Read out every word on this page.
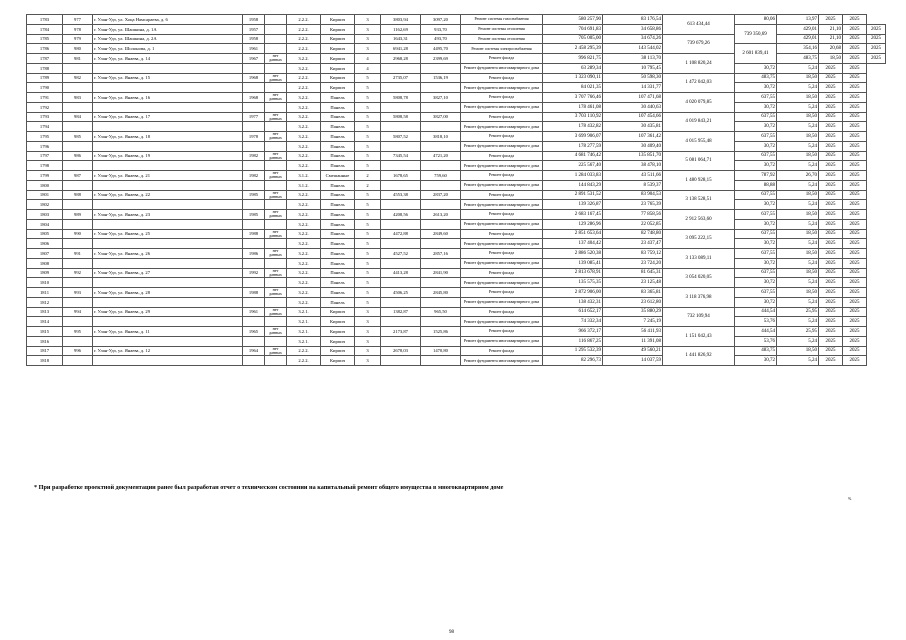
1783	977	г. Улан-Удэ, ул. Хоца Намсараева, д. 6	1958		2.2.2.	Кирпич	3	3803,94	3097,20	Ремонт системы газоснабжения	580 257,90	83 176,54	613 434,44	80,06	13,97	2025	2025	
1784	978	г. Улан-Удэ, ул. Шашкина, д. 1А	1957		2.2.2.	Кирпич	3	1162,69	933,70	Ремонт системы отопления	704 691,83	34 658,86		739 350,69	429,01	21,10	2025	2025
1785	979	г. Улан-Удэ, ул. Шашкина, д. 2А	1958		2.2.2.	Кирпич	3	1643,31	493,70	Ремонт системы отопления	705 005,00	34 674,26	739 679,26		429,01	21,10	2025	2025
1786	980	г. Улан-Удэ, ул. Шолонова, д. 1	1961		2.2.2.	Кирпич	3	6941,28	4495,70	Ремонт системы электроснабжения	2 458 295,39	143 544,02		2 601 839,41	354,16	20,68	2025	2025
1787	981	г. Улан-Удэ, ул. Янаева, д. 14	1967	нет данных	3.2.2.	Кирпич	4	2968,28	2399,69	Ремонт фасада	996 821,75	38 113,70	1 108 820,24		483,75	18,50	2025	2025
1788					3.2.2.	Кирпич	4			Ремонт фундамента многоквартирного дома	63 289,34	10 795,45		30,72	5,24	2025	2025	
1789	982	г. Улан-Удэ, ул. Янаева, д. 15	1968	нет данных	2.2.2.	Кирпич	5	2735,07	1536,19	Ремонт фасада	1 323 090,11	50 598,30	1 472 042,03	483,75	18,50	2025	2025	
1790					2.2.2.	Кирпич	5			Ремонт фундамента многоквартирного дома	84 021,35	14 331,77		30,72	5,24	2025	2025	
1791	983	г. Улан-Удэ, ул. Янаева, д. 16	1968	нет данных	3.2.2.	Панель	5	5808,78	3827,10	Ремонт фасада	3 707 766,46	107 471,68	4 020 079,85	637,55	18,50	2025	2025	
1792					3.2.2.	Панель	5			Ремонт фундамента многоквартирного дома	178 461,08	30 440,63		30,72	5,24	2025	2025	
1793	984	г. Улан-Удэ, ул. Янаева, д. 17	1977	нет данных	3.2.2.	Панель	5	5808,58	3827,00	Ремонт фасада	3 703 110,92	107 454,66	4 019 843,21	637,55	18,50	2025	2025	
1794					3.2.2.	Панель	5			Ремонт фундамента многоквартирного дома	178 432,82	30 435,81		30,72	5,24	2025	2025	
1795	985	г. Улан-Удэ, ул. Янаева, д. 18	1978	нет данных	3.2.2.	Панель	5	5807,52	3818,10	Ремонт фасада	3 699 906,07	107 361,42	4 015 955,48	637,55	18,50	2025	2025	
1796					3.2.2.	Панель	5			Ремонт фундамента многоквартирного дома	178 277,59	30 409,40		30,72	5,24	2025	2025	
1797	986	г. Улан-Удэ, ул. Янаева, д. 19	1982	нет данных	3.2.2.	Панель	5	7345,54	4721,20	Ремонт фасада	4 681 746,42	135 851,70	5 081 064,71	637,55	18,50	2025	2025	
1798					3.2.2.	Панель	5			Ремонт фундамента многоквартирного дома	225 567,40	38 478,10		30,72	5,24	2025	2025	
1799	987	г. Улан-Удэ, ул. Янаева, д. 21	1982	нет данных	3.1.2.	Смешанные	2	1678,65	759,60	Ремонт фасада	1 284 033,83	43 511,66	1 480 928,15	787,92	26,70	2025	2025	
1800					3.1.2.	Панель	2			Ремонт фундамента многоквартирного дома	144 843,29	8 539,37		88,88	5,24	2025	2025	
1801	988	г. Улан-Удэ, ул. Янаева, д. 22	1985	нет данных	3.2.2.	Панель	5	4553,38	2837,20	Ремонт фасада	2 891 531,52	83 904,53	3 138 528,51	637,55	18,50	2025	2025	
1802					3.2.2.	Панель	5			Ремонт фундамента многоквартирного дома	139 326,87	23 765,39		30,72	5,24	2025	2025	
1803	989	г. Улан-Удэ, ул. Янаева, д. 23	1985	нет данных	3.2.2.	Панель	5	4208,56	2613,20	Ремонт фасада	2 683 167,45	77 858,56	2 912 563,60	637,55	18,50	2025	2025	
1804					3.2.2.	Панель	5			Ремонт фундамента многоквартирного дома	129 286,96	22 052,85		30,72	5,24	2025	2025	
1805	990	г. Улан-Удэ, ул. Янаева, д. 25	1988	нет данных	3.2.2.	Панель	5	4472,88	2849,60	Ремонт фасада	2 851 653,64	82 748,80	3 095 222,15	637,55	18,50	2025	2025	
1806					3.2.2.	Панель	5			Ремонт фундамента многоквартирного дома	137 404,42	23 437,47		30,72	5,24	2025	2025	
1807	991	г. Улан-Удэ, ул. Янаева, д. 26	1986	нет данных	3.2.2.	Панель	5	4527,52	2857,16	Ремонт фасада	2 886 520,38	83 759,12	3 133 089,11	637,55	18,50	2025	2025	
1808					3.2.2.	Панель	5			Ремонт фундамента многоквартирного дома	139 085,41	23 724,20		30,72	5,24	2025	2025	
1809	992	г. Улан-Удэ, ул. Янаева, д. 27	1992	нет данных	3.2.2.	Панель	5	4413,28	2841,90	Ремонт фасада	2 813 678,91	81 645,31	3 054 020,05	637,55	18,50	2025	2025	
1810					3.2.2.	Панель	5			Ремонт фундамента многоквартирного дома	135 575,35	23 125,48		30,72	5,24	2025	2025	
1811	993	г. Улан-Удэ, ул. Янаева, д. 28	1988	нет данных	3.2.2.	Панель	5	4506,25	2845,80	Ремонт фасада	2 872 906,00	83 365,81	3 118 376,98	637,55	18,50	2025	2025	
1812					3.2.2.	Панель	5			Ремонт фундамента многоквартирного дома	138 432,31	23 612,80		30,72	5,24	2025	2025	
1813	994	г. Улан-Удэ, ул. Янаева, д. 29	1961	нет данных	3.2.1.	Кирпич	3	1382,87	965,50	Ремонт фасада	614 652,17	35 880,29	732 109,94	444,54	25,95	2025	2025	
1814					3.2.1.	Кирпич	3			Ремонт фундамента многоквартирного дома	74 332,34	7 245,19		53,76	5,24	2025	2025	
1815	995	г. Улан-Удэ, ул. Янаева, д. 11	1965	нет данных	3.2.1.	Кирпич	3	2173,87	1525,86	Ремонт фасада	966 372,17	56 411,93	1 151 042,43	444,54	25,95	2025	2025	
1816					3.2.1.	Кирпич	3			Ремонт фундамента многоквартирного дома	116 867,25	11 391,08		53,76	5,24	2025	2025	
1817	996	г. Улан-Удэ, ул. Янаева, д. 12	1964	нет данных	2.2.2.	Кирпич	3	2678,03	1470,80	Ремонт фасада	1 295 532,39	49 560,21	1 441 826,92	483,75	18,50	2025	2025	
1818					2.2.2.	Кирпич	3			Ремонт фундамента многоквартирного дома	82 296,73	14 037,59		30,72	5,24	2025	2025	
* При разработке проектной документации ранее был разработан отчет о техническом состоянии на капитальный ремонт общего имущества в многоквартирном доме
%
98
